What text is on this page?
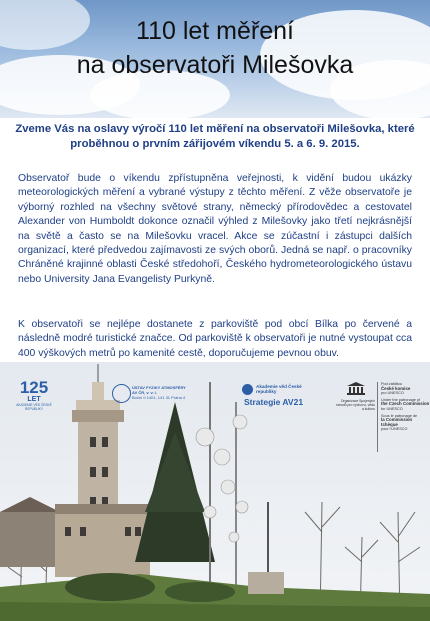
110 let měření
na observatoři Milešovka

Zveme Vás na oslavy výročí 110 let měření na observatoři Milešovka, které proběhnou o prvním zářijovém víkendu 5. a 6. 9. 2015.

Observatoř bude o víkendu zpřístupněna veřejnosti, k vidění budou ukázky meteorologických měření a vybrané výstupy z těchto měření. Z věže observatoře je výborný rozhled na všechny světové strany, německý přírodovědec a cestovatel Alexander von Humboldt dokonce označil výhled z Milešovky jako třetí nejkrásnější na světě a často se na Milešovku vracel. Akce se zúčastní i zástupci dalších organizací, které předvedou zajímavosti ze svých oborů. Jedná se např. o pracovníky Chráněné krajinné oblasti České středohoří, Českého hydrometeorologického ústavu nebo University Jana Evangelisty Purkyně.

K observatoři se nejlépe dostanete z parkoviště pod obcí Bílka po červené a následně modré turistické značce. Od parkoviště k observatoři je nutné vystoupat cca 400 výškových metrů po kamenité cestě, doporučujeme pevnou obuv.

125
LET
AKADEMIE VĚD ČESKÉ REPUBLIKY
ÚSTAV FYZIKY ATMOSFÉRY
AV ČR, v. v. i.
Boční II 1401, 141 31 Praha 4
Akademie věd České republiky
Strategie AV21	Organizace Spojených národů pro výchovu, vědu a kulturu
Pod záštitou
České komise
pro UNESCO
Under the patronage of
the Czech Commission
for UNESCO
Sous le patronage de
la Commission tchèque
pour l'UNESCO
